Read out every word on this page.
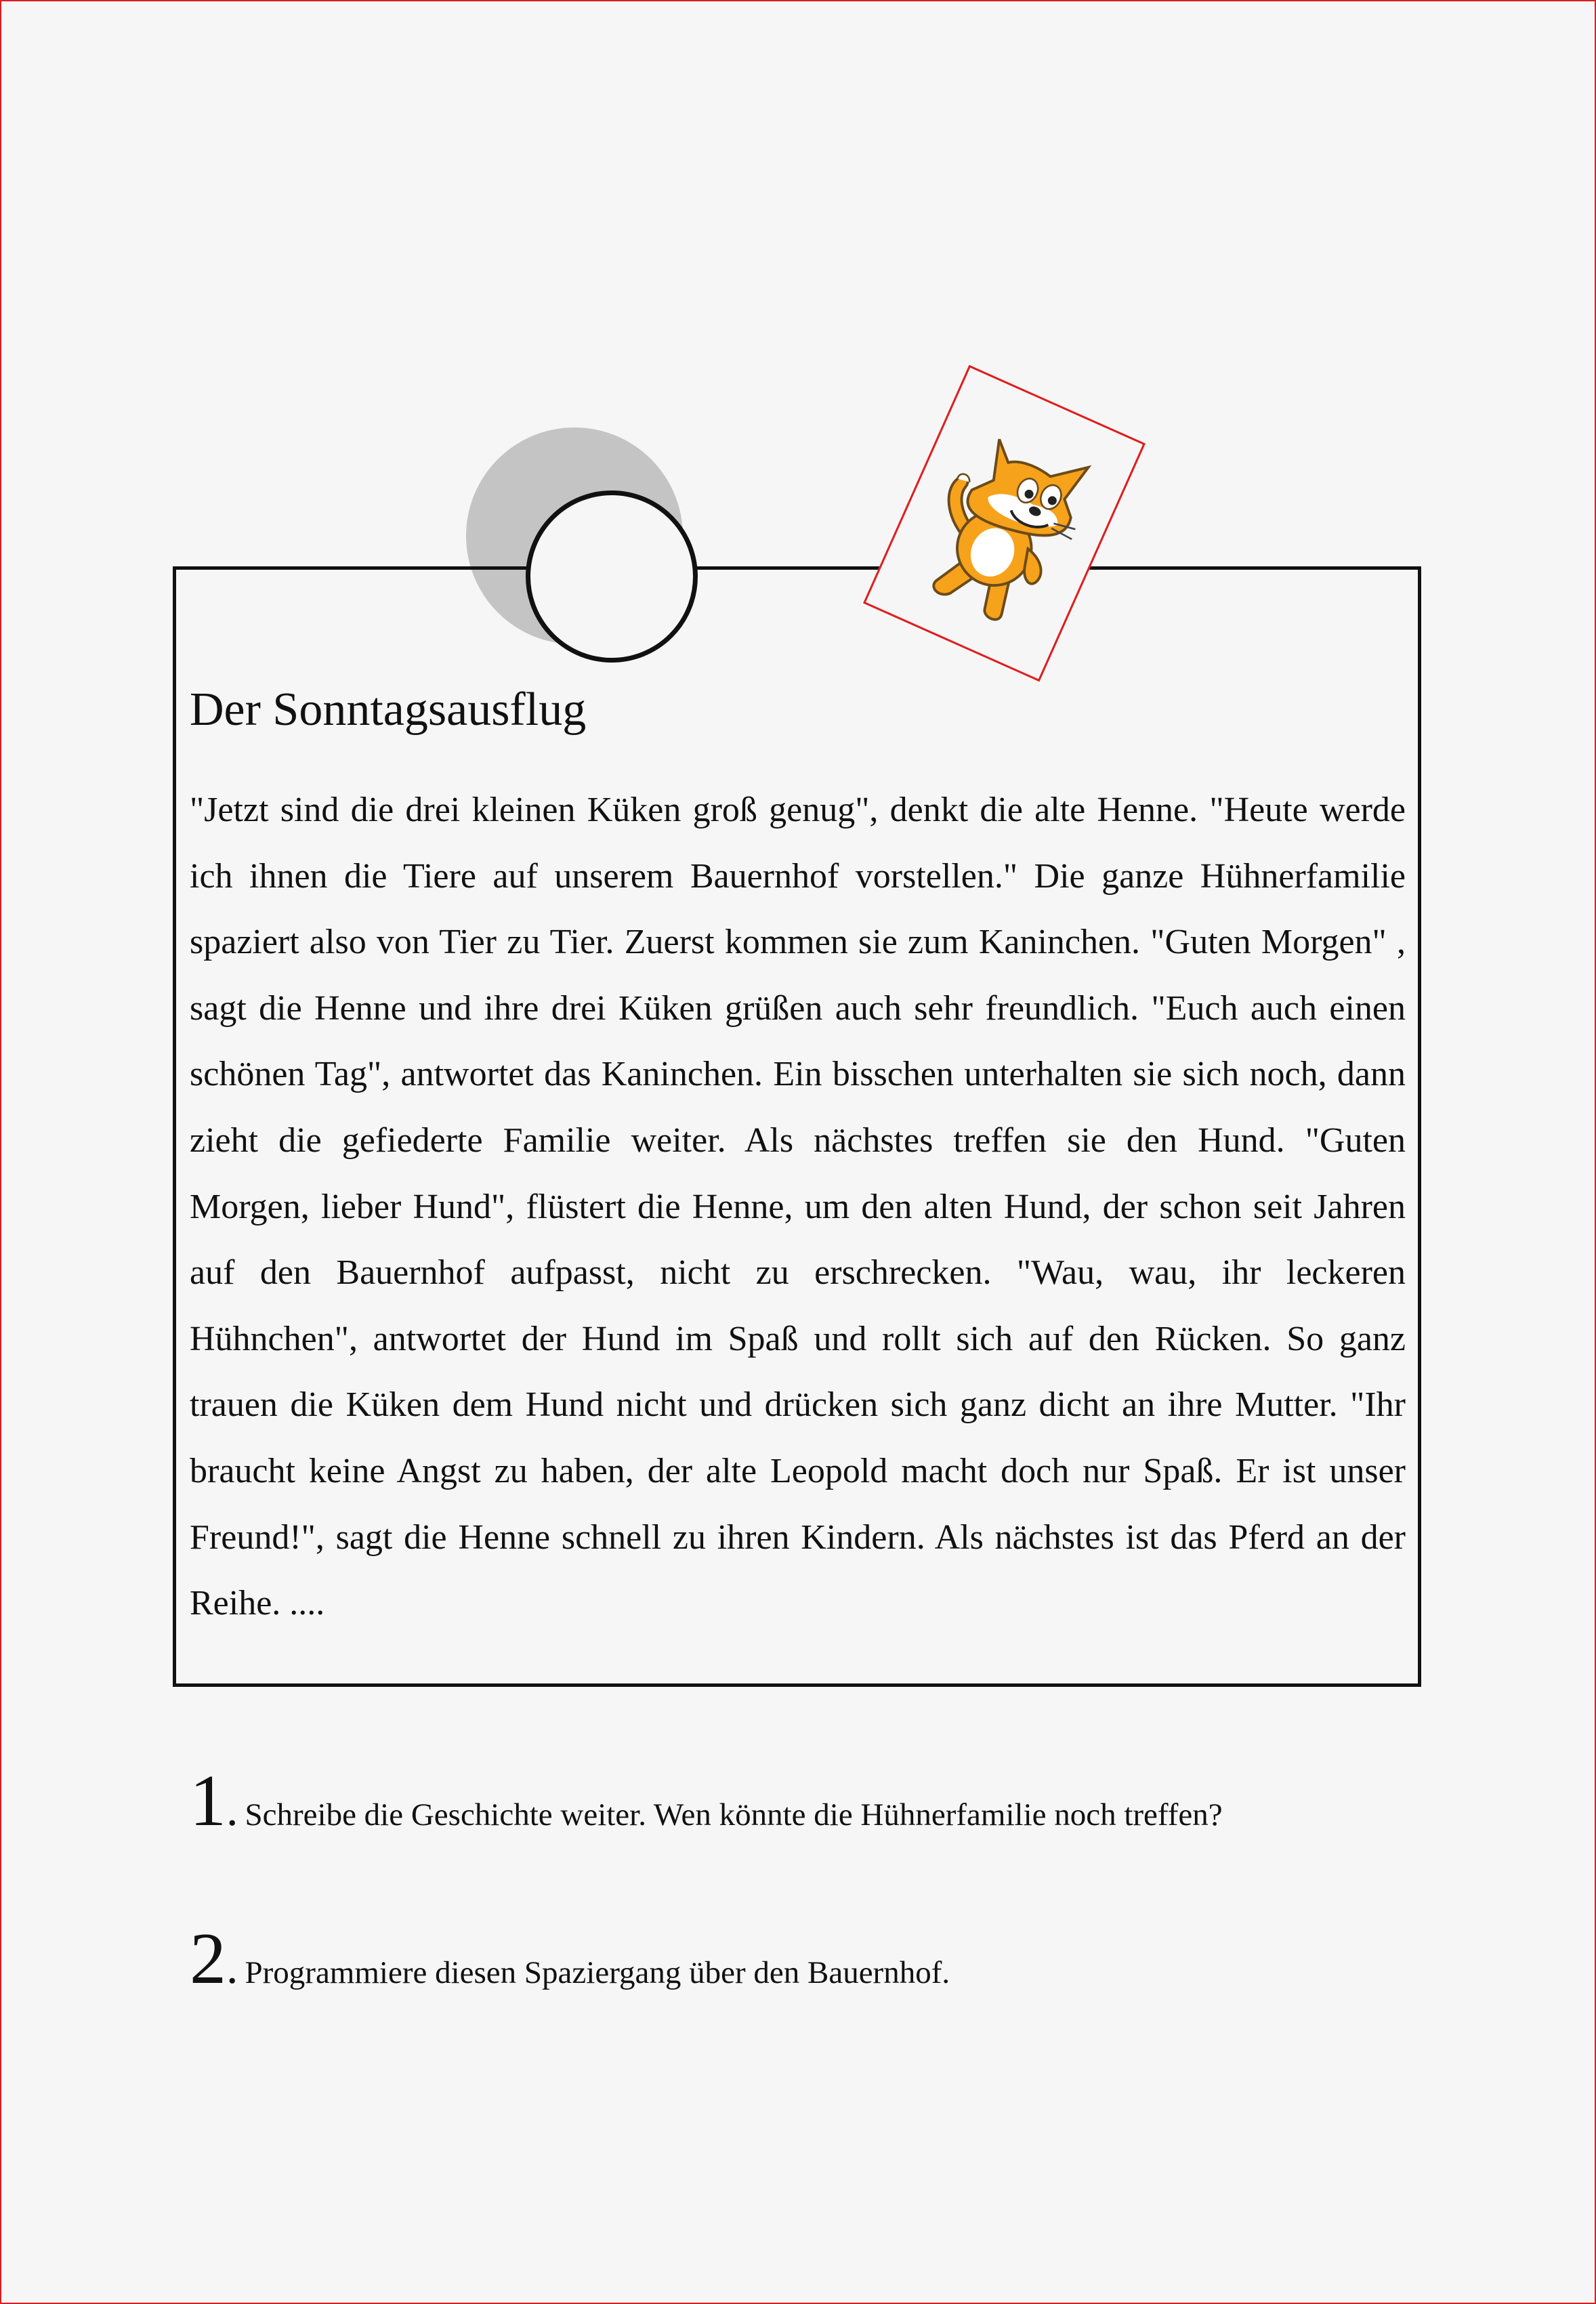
Der Sonntagsausflug

"Jetzt sind die drei kleinen Küken groß genug", denkt die alte Henne. "Heute werde ich ihnen die Tiere auf unserem Bauernhof vorstellen." Die ganze Hühnerfamilie spaziert also von Tier zu Tier. Zuerst kommen sie zum Kaninchen. "Guten Morgen" , sagt die Henne und ihre drei Küken grüßen auch sehr freundlich. "Euch auch einen schönen Tag", antwortet das Kaninchen. Ein bisschen unterhalten sie sich noch, dann zieht die gefiederte Familie weiter. Als nächstes treffen sie den Hund. "Guten Morgen, lieber Hund", flüstert die Henne, um den alten Hund, der schon seit Jahren auf den Bauernhof aufpasst, nicht zu erschrecken. "Wau, wau, ihr leckeren Hühnchen", antwortet der Hund im Spaß und rollt sich auf den Rücken. So ganz trauen die Küken dem Hund nicht und drücken sich ganz dicht an ihre Mutter. "Ihr braucht keine Angst zu haben, der alte Leopold macht doch nur Spaß. Er ist unser Freund!", sagt die Henne schnell zu ihren Kindern. Als nächstes ist das Pferd an der Reihe. ....

1 . Schreibe die Geschichte weiter. Wen könnte die Hühnerfamilie noch treffen?
2 . Programmiere diesen Spaziergang über den Bauernhof.
